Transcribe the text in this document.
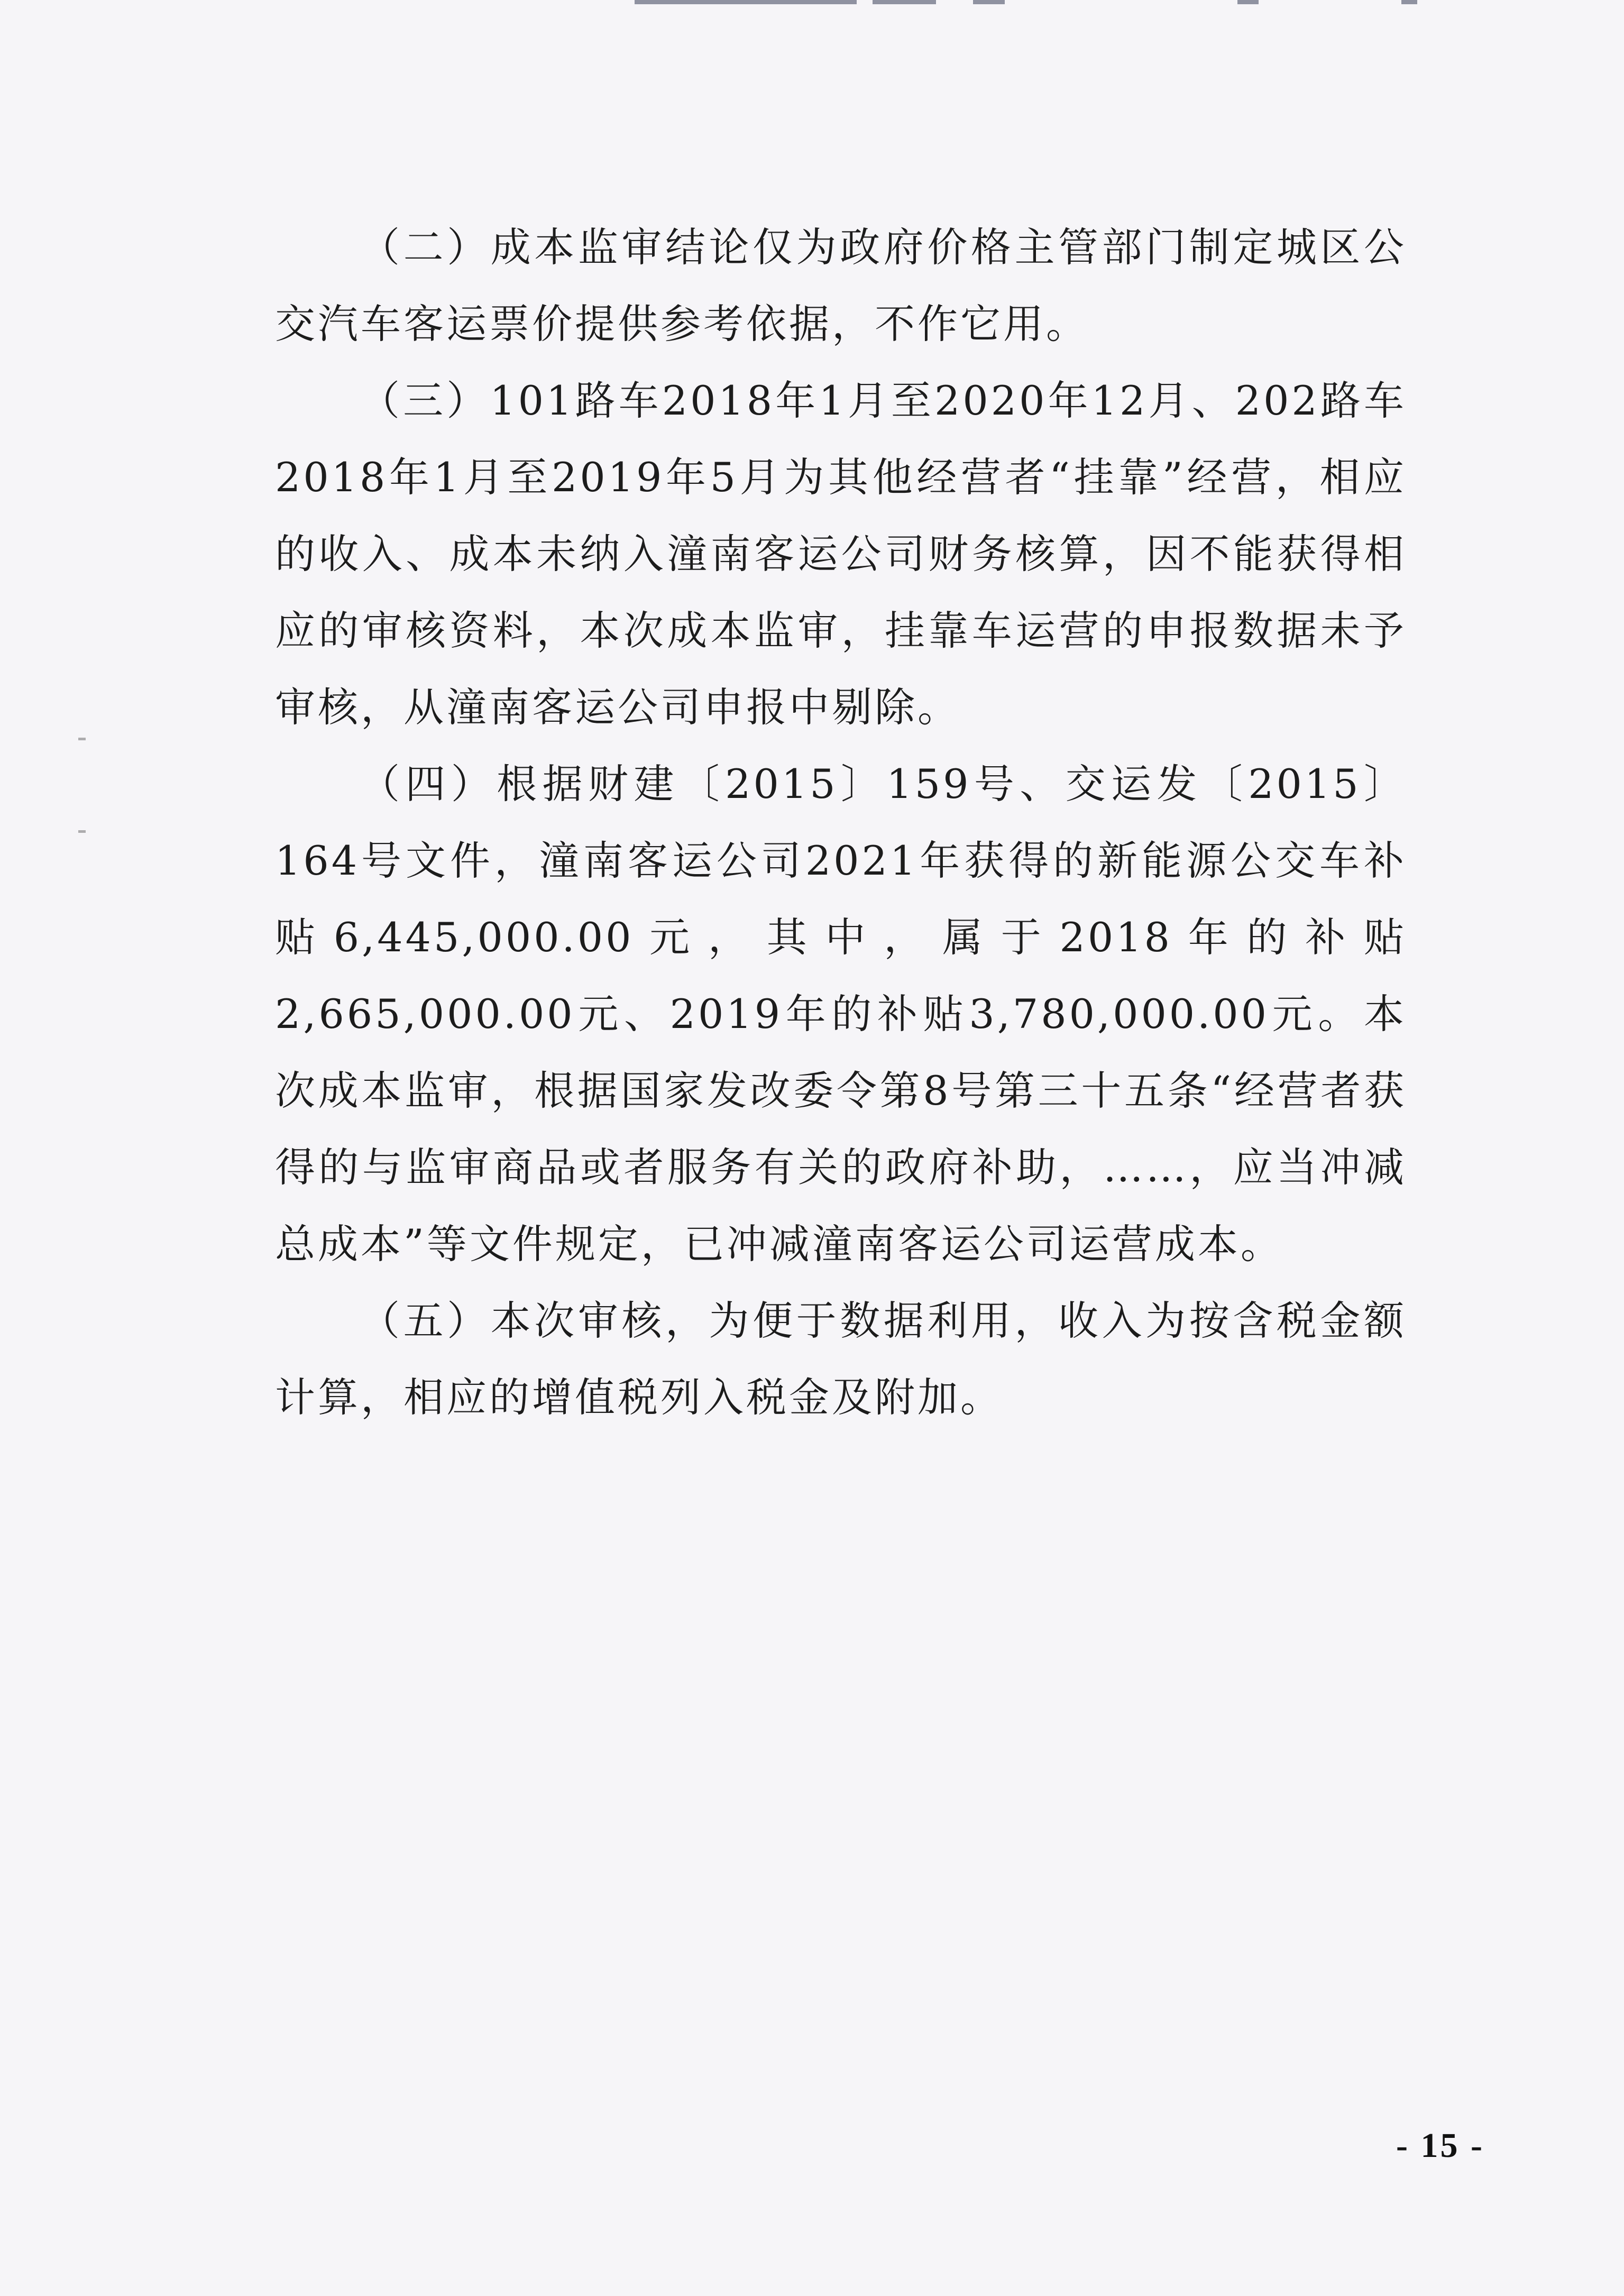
（二）成本监审结论仅为政府价格主管部门制定城区公交汽车客运票价提供参考依据，不作它用。

（三）101路车2018年1月至2020年12月、202路车2018年1月至2019年5月为其他经营者“挂靠”经营，相应的收入、成本未纳入潼南客运公司财务核算，因不能获得相应的审核资料，本次成本监审，挂靠车运营的申报数据未予审核，从潼南客运公司申报中剔除。

（四）根据财建〔2015〕159号、交运发〔2015〕164号文件，潼南客运公司2021年获得的新能源公交车补贴6,445,000.00元，其中，属于2018年的补贴2,665,000.00元、2019年的补贴3,780,000.00元。本次成本监审，根据国家发改委令第8号第三十五条“经营者获得的与监审商品或者服务有关的政府补助，……，应当冲减总成本”等文件规定，已冲减潼南客运公司运营成本。

（五）本次审核，为便于数据利用，收入为按含税金额计算，相应的增值税列入税金及附加。

- 15 -
